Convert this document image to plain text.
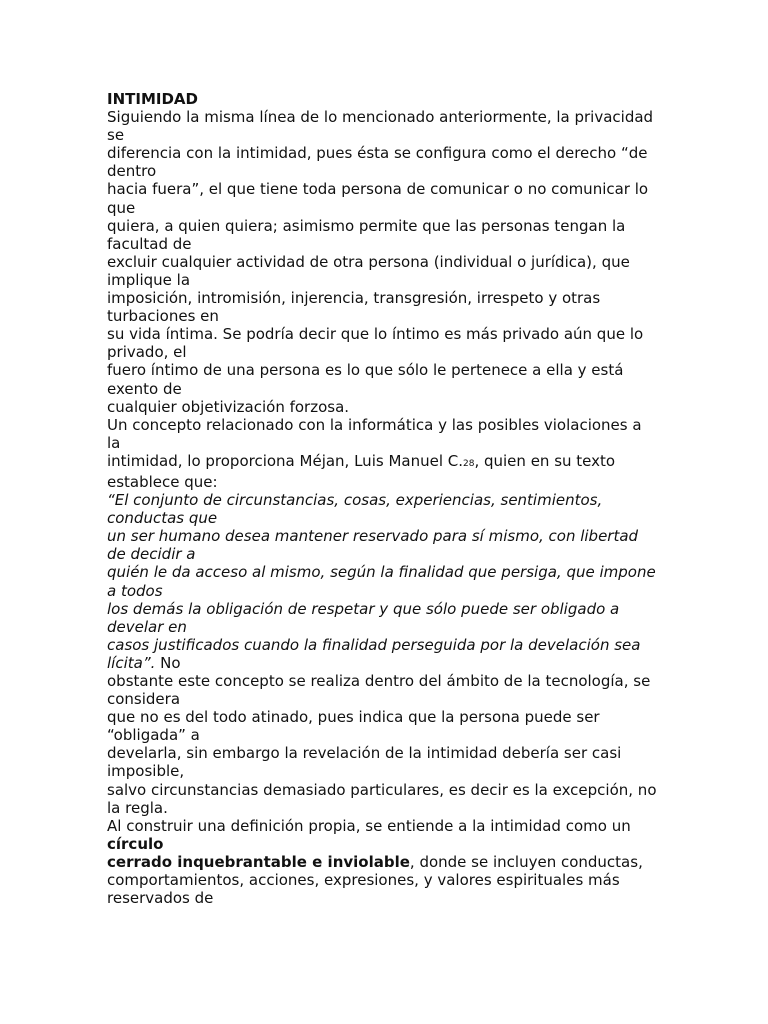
INTIMIDAD
Siguiendo la misma línea de lo mencionado anteriormente, la privacidad
se
diferencia con la intimidad, pues ésta se configura como el derecho “de
dentro
hacia fuera”, el que tiene toda persona de comunicar o no comunicar lo
que
quiera, a quien quiera; asimismo permite que las personas tengan la
facultad de
excluir cualquier actividad de otra persona (individual o jurídica), que
implique la
imposición, intromisión, injerencia, transgresión, irrespeto y otras
turbaciones en
su vida íntima. Se podría decir que lo íntimo es más privado aún que lo
privado, el
fuero íntimo de una persona es lo que sólo le pertenece a ella y está
exento de
cualquier objetivización forzosa.
Un concepto relacionado con la informática y las posibles violaciones a
la
intimidad, lo proporciona Méjan, Luis Manuel C.28, quien en su texto
establece que:
“El conjunto de circunstancias, cosas, experiencias, sentimientos,
conductas que
un ser humano desea mantener reservado para sí mismo, con libertad
de decidir a
quién le da acceso al mismo, según la finalidad que persiga, que impone
a todos
los demás la obligación de respetar y que sólo puede ser obligado a
develar en
casos justificados cuando la finalidad perseguida por la develación sea
lícita”. No
obstante este concepto se realiza dentro del ámbito de la tecnología, se
considera
que no es del todo atinado, pues indica que la persona puede ser
“obligada” a
develarla, sin embargo la revelación de la intimidad debería ser casi
imposible,
salvo circunstancias demasiado particulares, es decir es la excepción, no
la regla.
Al construir una definición propia, se entiende a la intimidad como un
círculo
cerrado inquebrantable e inviolable, donde se incluyen conductas,
comportamientos, acciones, expresiones, y valores espirituales más
reservados de
